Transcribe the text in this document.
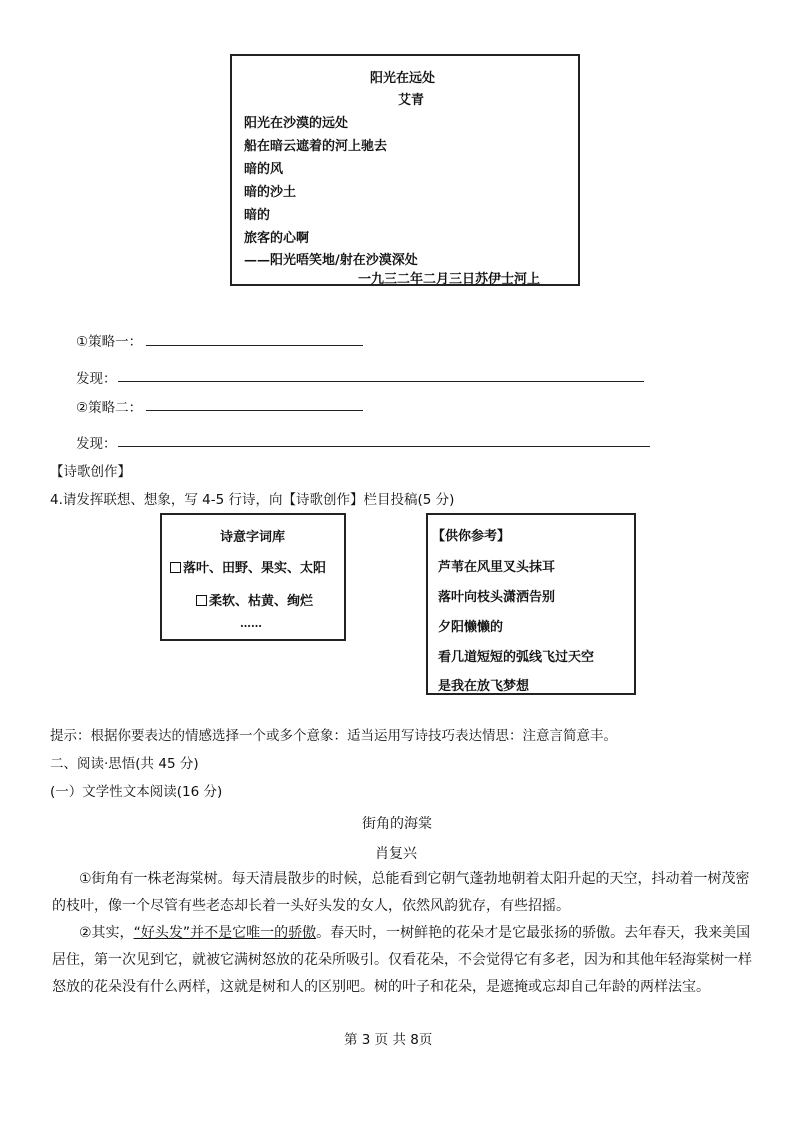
阳光在远处
艾青
阳光在沙漠的远处
船在暗云遮着的河上驰去
暗的风
暗的沙土
暗的
旅客的心啊
——阳光唔笑地/射在沙漠深处
一九三二年二月三日苏伊士河上
①策略一：
发现：
②策略二：
发现：
【诗歌创作】
4.请发挥联想、想象，写 4-5 行诗，向【诗歌创作】栏目投稿(5 分)
诗意字词库
落叶、田野、果实、太阳
柔软、枯黄、绚烂
……
【供你参考】
芦苇在风里叉头抹耳
落叶向枝头潇洒告别
夕阳懒懒的
看几道短短的弧线飞过天空
是我在放飞梦想
提示：根据你要表达的情感选择一个或多个意象：适当运用写诗技巧表达情思：注意言简意丰。
二、阅读·思悟(共 45 分)
(一）文学性文本阅读(16 分)
街角的海棠
肖复兴
①街角有一株老海棠树。每天清晨散步的时候，总能看到它朝气蓬勃地朝着太阳升起的天空，抖动着一树茂密的枝叶，像一个尽管有些老态却长着一头好头发的女人，依然风韵犹存，有些招摇。
②其实，“好头发”并不是它唯一的骄傲。春天时，一树鲜艳的花朵才是它最张扬的骄傲。去年春天，我来美国居住，第一次见到它，就被它满树怒放的花朵所吸引。仅看花朵，不会觉得它有多老，因为和其他年轻海棠树一样怒放的花朵没有什么两样，这就是树和人的区别吧。树的叶子和花朵，是遮掩或忘却自己年龄的两样法宝。
第 3 页 共 8页
